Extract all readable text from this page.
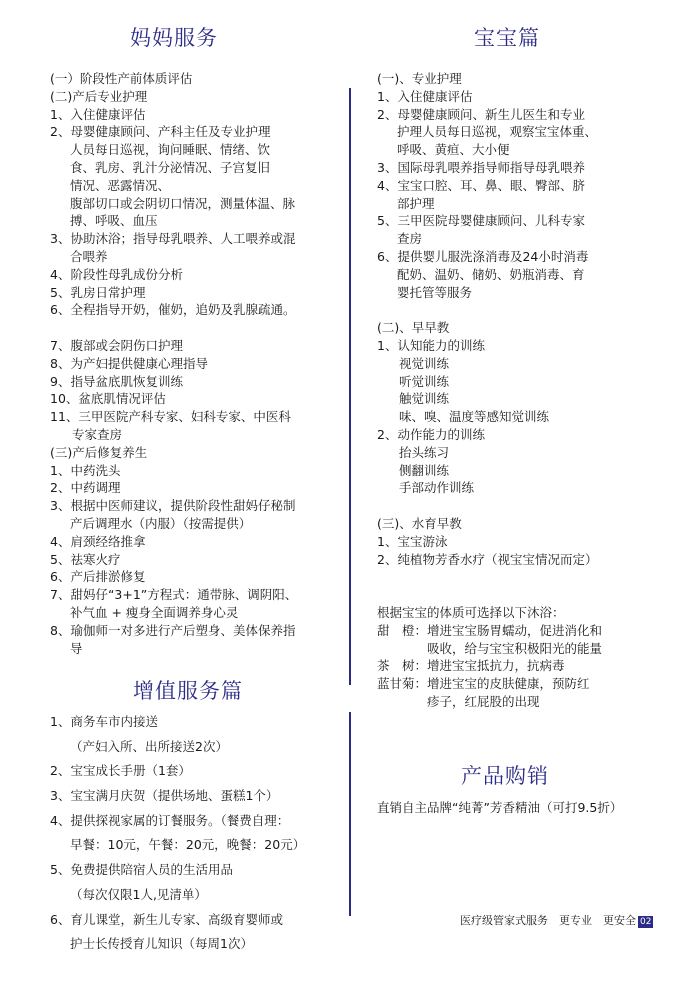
妈妈服务	宝宝篇
增值服务篇
产品购销
(一）阶段性产前体质评估
(二)产后专业护理
1、入住健康评估
2、母婴健康顾问、产科主任及专业护理
人员每日巡视，询问睡眠、情绪、饮
食、乳房、乳汁分泌情况、子宫复旧
情况、恶露情况、
腹部切口或会阴切口情况，测量体温、脉
搏、呼吸、血压
3、协助沐浴；指导母乳喂养、人工喂养或混
合喂养
4、阶段性母乳成份分析
5、乳房日常护理
6、全程指导开奶，催奶，追奶及乳腺疏通。
7、腹部或会阴伤口护理
8、为产妇提供健康心理指导
9、指导盆底肌恢复训练
10、盆底肌情况评估
11、三甲医院产科专家、妇科专家、中医科
专家查房
(三)产后修复养生
1、中药洗头
2、中药调理
3、根据中医师建议，提供阶段性甜妈仔秘制
产后调理水（内服）（按需提供）
4、肩颈经络推拿
5、祛寒火疗
6、产后排淤修复
7、甜妈仔“3+1”方程式：通带脉、调阴阳、
补气血 + 瘦身全面调养身心灵
8、瑜伽师一对多进行产后塑身、美体保养指
导
(一)、专业护理
1、入住健康评估
2、母婴健康顾问、新生儿医生和专业
护理人员每日巡视，观察宝宝体重、
呼吸、黄疸、大小便
3、国际母乳喂养指导师指导母乳喂养
4、宝宝口腔、耳、鼻、眼、臀部、脐
部护理
5、三甲医院母婴健康顾问、儿科专家
查房
6、提供婴儿服洗涤消毒及24小时消毒
配奶、温奶、储奶、奶瓶消毒、育
婴托管等服务
(二)、早早教
1、认知能力的训练
视觉训练
听觉训练
触觉训练
味、嗅、温度等感知觉训练
2、动作能力的训练
抬头练习
侧翻训练
手部动作训练
(三)、水育早教
1、宝宝游泳
2、纯植物芳香水疗（视宝宝情况而定）
根据宝宝的体质可选择以下沐浴：
甜　橙：增进宝宝肠胃蠕动，促进消化和
吸收，给与宝宝积极阳光的能量
茶　树：增进宝宝抵抗力，抗病毒
蓝甘菊：增进宝宝的皮肤健康，预防红
疹子，红屁股的出现
1、商务车市内接送
（产妇入所、出所接送2次）
2、宝宝成长手册（1套）
3、宝宝满月庆贺（提供场地、蛋糕1个）
4、提供探视家属的订餐服务。（餐费自理：
早餐：10元，午餐：20元，晚餐：20元）
5、免费提供陪宿人员的生活用品
（每次仅限1人,见清单）
6、育儿课堂，新生儿专家、高级育婴师或
护士长传授育儿知识（每周1次）
直销自主品牌“纯菁”芳香精油（可打9.5折）
医疗级管家式服务　更专业　更安全 02
